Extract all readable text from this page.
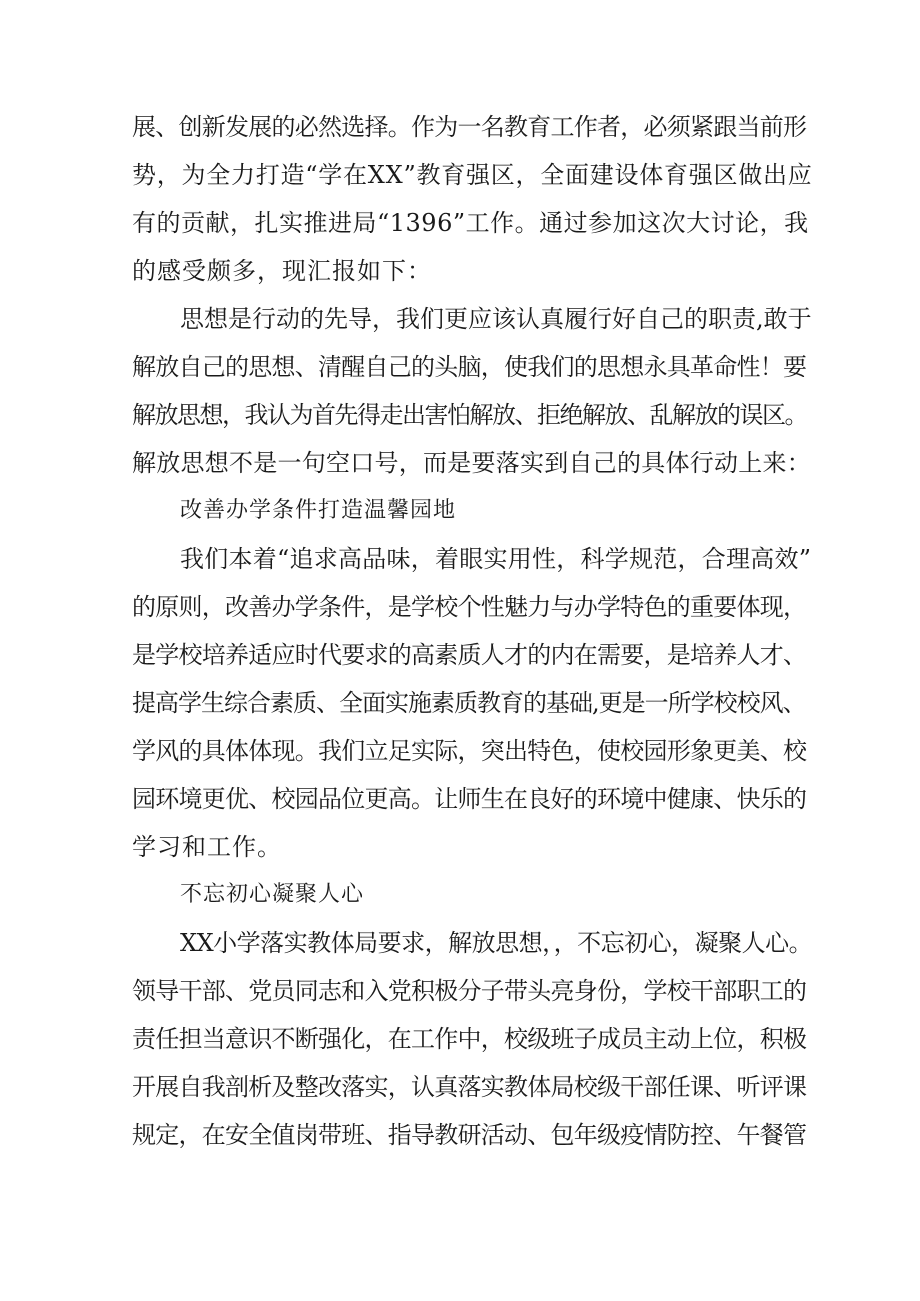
展、创新发展的必然选择。作为一名教育工作者，必须紧跟当前形
势，为全力打造“学在XX”教育强区，全面建设体育强区做出应
有的贡献，扎实推进局“1396”工作。通过参加这次大讨论，我
的感受颇多，现汇报如下：
思想是行动的先导，我们更应该认真履行好自己的职责,敢于
解放自己的思想、清醒自己的头脑，使我们的思想永具革命性！要
解放思想，我认为首先得走出害怕解放、拒绝解放、乱解放的误区。
解放思想不是一句空口号，而是要落实到自己的具体行动上来：
改善办学条件打造温馨园地
我们本着“追求高品味，着眼实用性，科学规范，合理高效”
的原则，改善办学条件，是学校个性魅力与办学特色的重要体现，
是学校培养适应时代要求的高素质人才的内在需要，是培养人才、
提高学生综合素质、全面实施素质教育的基础,更是一所学校校风、
学风的具体体现。我们立足实际，突出特色，使校园形象更美、校
园环境更优、校园品位更高。让师生在良好的环境中健康、快乐的
学习和工作。
不忘初心凝聚人心
XX小学落实教体局要求，解放思想，，不忘初心，凝聚人心。
领导干部、党员同志和入党积极分子带头亮身份，学校干部职工的
责任担当意识不断强化，在工作中，校级班子成员主动上位，积极
开展自我剖析及整改落实，认真落实教体局校级干部任课、听评课
规定，在安全值岗带班、指导教研活动、包年级疫情防控、午餐管
